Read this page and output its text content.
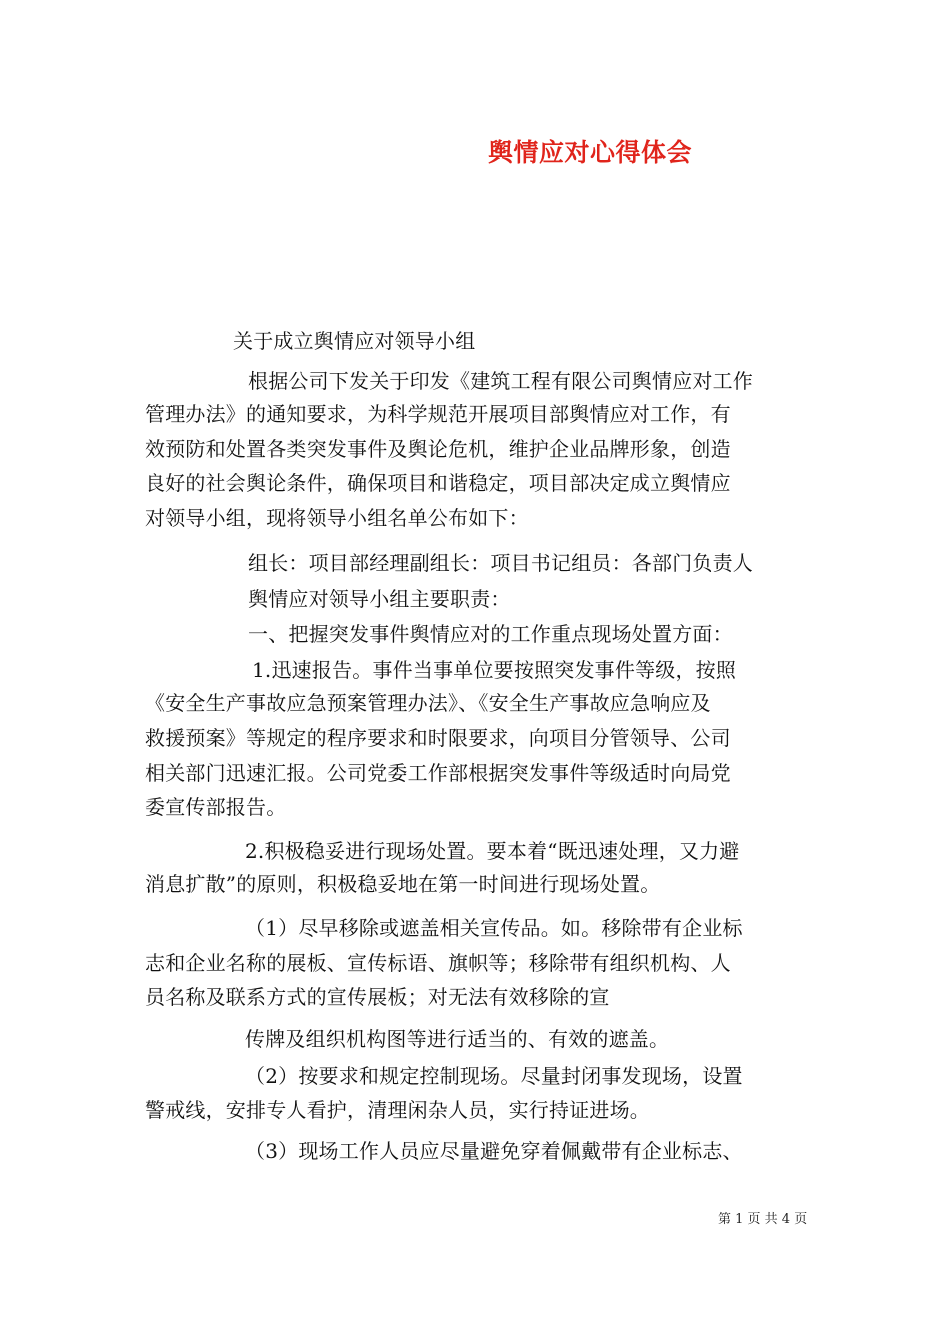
舆情应对心得体会
关于成立舆情应对领导小组
根据公司下发关于印发《建筑工程有限公司舆情应对工作
管理办法》的通知要求，为科学规范开展项目部舆情应对工作，有
效预防和处置各类突发事件及舆论危机，维护企业品牌形象，创造
良好的社会舆论条件，确保项目和谐稳定，项目部决定成立舆情应
对领导小组，现将领导小组名单公布如下：
组长：项目部经理副组长：项目书记组员：各部门负责人
舆情应对领导小组主要职责：
一、把握突发事件舆情应对的工作重点现场处置方面：
1.迅速报告。事件当事单位要按照突发事件等级，按照
《安全生产事故应急预案管理办法》、《安全生产事故应急响应及
救援预案》等规定的程序要求和时限要求，向项目分管领导、公司
相关部门迅速汇报。公司党委工作部根据突发事件等级适时向局党
委宣传部报告。
2.积极稳妥进行现场处置。要本着“既迅速处理，又力避
消息扩散”的原则，积极稳妥地在第一时间进行现场处置。
（1）尽早移除或遮盖相关宣传品。如。移除带有企业标
志和企业名称的展板、宣传标语、旗帜等；移除带有组织机构、人
员名称及联系方式的宣传展板；对无法有效移除的宣
传牌及组织机构图等进行适当的、有效的遮盖。
（2）按要求和规定控制现场。尽量封闭事发现场，设置
警戒线，安排专人看护，清理闲杂人员，实行持证进场。
（3）现场工作人员应尽量避免穿着佩戴带有企业标志、
第 1 页 共 4 页
